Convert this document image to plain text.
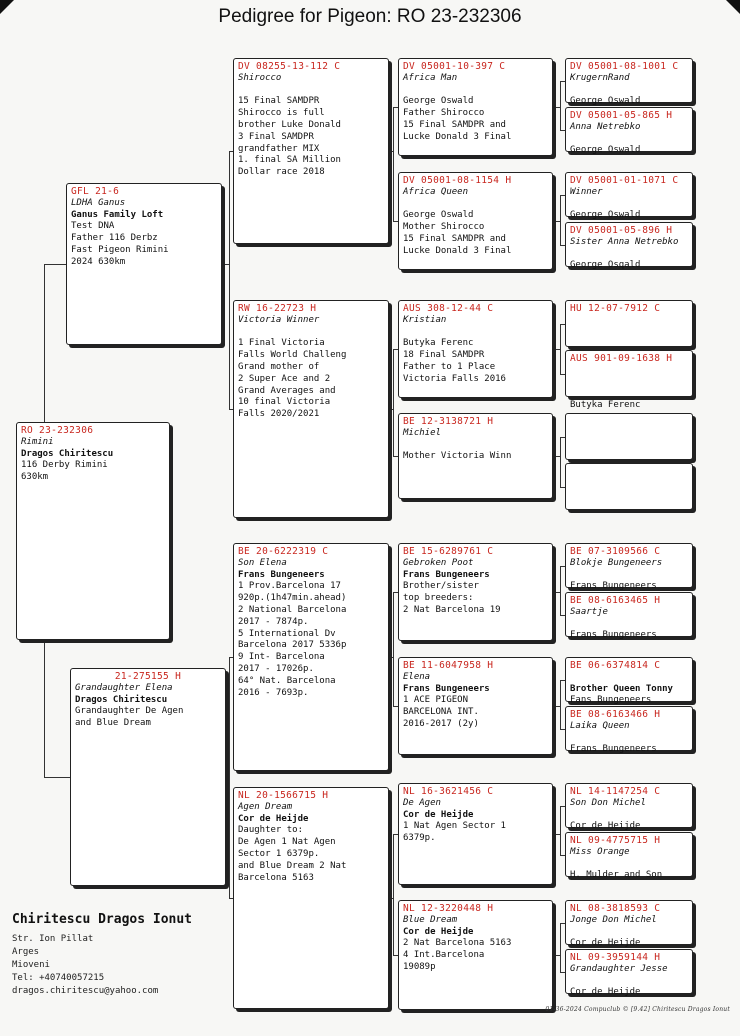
Pedigree for Pigeon: RO 23-232306
RO 23-232306
Rimini
Dragos Chiritescu
116 Derby Rimini
630km
GFL 21-6
LDHA Ganus
Ganus Family Loft
Test DNA
Father 116 Derbz
Fast Pigeon Rimini
2024 630km
21-275155 H
Grandaughter Elena
Dragos Chiritescu
Grandaughter De Agen
and Blue Dream
DV 08255-13-112 C
Shirocco

15 Final SAMDPR
Shirocco is full
brother Luke Donald
3 Final SAMDPR
grandfather MIX
1. final SA Million
Dollar race 2018
RW 16-22723 H
Victoria Winner

1 Final Victoria
Falls World Challeng
Grand mother of
2 Super Ace and 2
Grand Averages and
10 final Victoria
Falls 2020/2021
BE 20-6222319 C
Son Elena
Frans Bungeneers
1 Prov.Barcelona 17
920p.(1h47min.ahead)
2 National Barcelona
2017 - 7874p.
5 International Dv
Barcelona 2017 5336p
9 Int- Barcelona
2017 - 17026p.
64° Nat. Barcelona
2016 - 7693p.
NL 20-1566715 H
Agen Dream
Cor de Heijde
Daughter to:
De Agen 1 Nat Agen
Sector 1 6379p.
and Blue Dream 2 Nat
Barcelona 5163
DV 05001-10-397 C
Africa Man

George Oswald
Father Shirocco
15 Final SAMDPR and
Lucke Donald 3 Final
DV 05001-08-1154 H
Africa Queen

George Oswald
Mother Shirocco
15 Final SAMDPR and
Lucke Donald 3 Final
AUS 308-12-44 C
Kristian

Butyka Ferenc
18 Final SAMDPR
Father to 1 Place
Victoria Falls 2016
BE 12-3138721 H
Michiel

Mother Victoria Winn
BE 15-6289761 C
Gebroken Poot
Frans Bungeneers
Brother/sister
top breeders:
2 Nat Barcelona 19
BE 11-6047958 H
Elena
Frans Bungeneers
1 ACE PIGEON
BARCELONA INT.
2016-2017 (2y)
NL 16-3621456 C
De Agen
Cor de Heijde
1 Nat Agen Sector 1
6379p.
NL 12-3220448 H
Blue Dream
Cor de Heijde
2 Nat Barcelona 5163
4 Int.Barcelona
19089p
DV 05001-08-1001 C
KrugernRand

George Oswald
DV 05001-05-865 H
Anna Netrebko

George Oswald
DV 05001-01-1071 C
Winner

George Oswald
DV 05001-05-896 H
Sister Anna Netrebko

George Osqald
HU 12-07-7912 C

AUS 901-09-1638 H

Butyka Ferenc

BE 07-3109566 C
Blokje Bungeneers

Frans Bungeneers
BE 08-6163465 H
Saartje

Frans Bungeneers
BE 06-6374814 C

Brother Queen Tonny
Fans Bungeneers
BE 08-6163466 H
Laika Queen

Frans Bungeneers
NL 14-1147254 C
Son Don Michel

Cor de Heijde
NL 09-4775715 H
Miss Orange

H. Mulder and Son
NL 08-3818593 C
Jonge Don Michel

Cor de Heijde
NL 09-3959144 H
Grandaughter Jesse

Cor de Heijde
Chiritescu Dragos Ionut
Str. Ion Pillat
Arges
Mioveni
Tel: +40740057215
dragos.chiritescu@yahoo.com
01-36-2024 Compuclub © [9.42] Chiritescu Dragos Ionut
